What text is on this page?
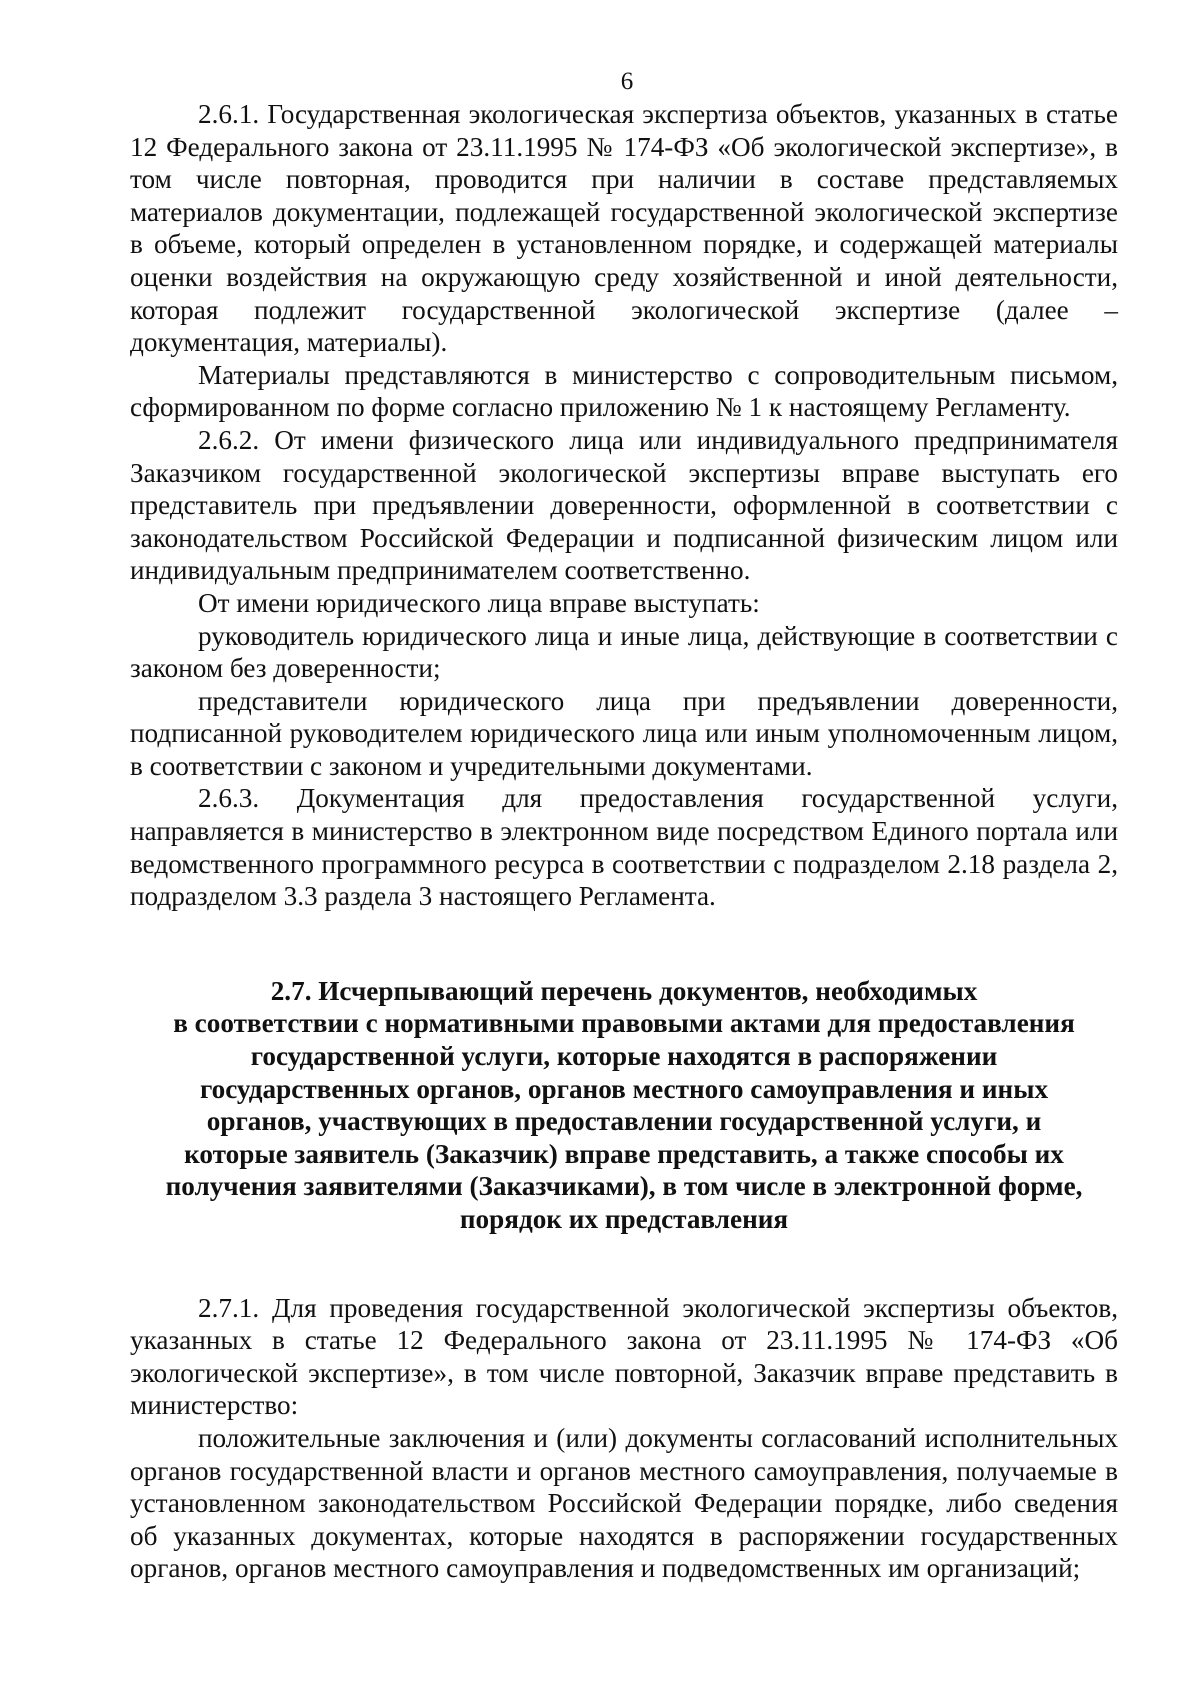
6

2.6.1. Государственная экологическая экспертиза объектов, указанных в статье 12 Федерального закона от 23.11.1995 № 174-ФЗ «Об экологической экспертизе», в том числе повторная, проводится при наличии в составе представляемых материалов документации, подлежащей государственной экологической экспертизе в объеме, который определен в установленном порядке, и содержащей материалы оценки воздействия на окружающую среду хозяйственной и иной деятельности, которая подлежит государственной экологической экспертизе (далее – документация, материалы).

Материалы представляются в министерство с сопроводительным письмом, сформированном по форме согласно приложению № 1 к настоящему Регламенту.

2.6.2. От имени физического лица или индивидуального предпринимателя Заказчиком государственной экологической экспертизы вправе выступать его представитель при предъявлении доверенности, оформленной в соответствии с законодательством Российской Федерации и подписанной физическим лицом или индивидуальным предпринимателем соответственно.

От имени юридического лица вправе выступать:

руководитель юридического лица и иные лица, действующие в соответствии с законом без доверенности;

представители юридического лица при предъявлении доверенности, подписанной руководителем юридического лица или иным уполномоченным лицом, в соответствии с законом и учредительными документами.

2.6.3. Документация для предоставления государственной услуги, направляется в министерство в электронном виде посредством Единого портала или ведомственного программного ресурса в соответствии с подразделом 2.18 раздела 2, подразделом 3.3 раздела 3 настоящего Регламента.

2.7. Исчерпывающий перечень документов, необходимых
в соответствии с нормативными правовыми актами для предоставления
государственной услуги, которые находятся в распоряжении
государственных органов, органов местного самоуправления и иных
органов, участвующих в предоставлении государственной услуги, и
которые заявитель (Заказчик) вправе представить, а также способы их
получения заявителями (Заказчиками), в том числе в электронной форме,
порядок их представления

2.7.1. Для проведения государственной экологической экспертизы объектов, указанных в статье 12 Федерального закона от 23.11.1995 № 174-ФЗ «Об экологической экспертизе», в том числе повторной, Заказчик вправе представить в министерство:

положительные заключения и (или) документы согласований исполнительных органов государственной власти и органов местного самоуправления, получаемые в установленном законодательством Российской Федерации порядке, либо сведения об указанных документах, которые находятся в распоряжении государственных органов, органов местного самоуправления и подведомственных им организаций;
